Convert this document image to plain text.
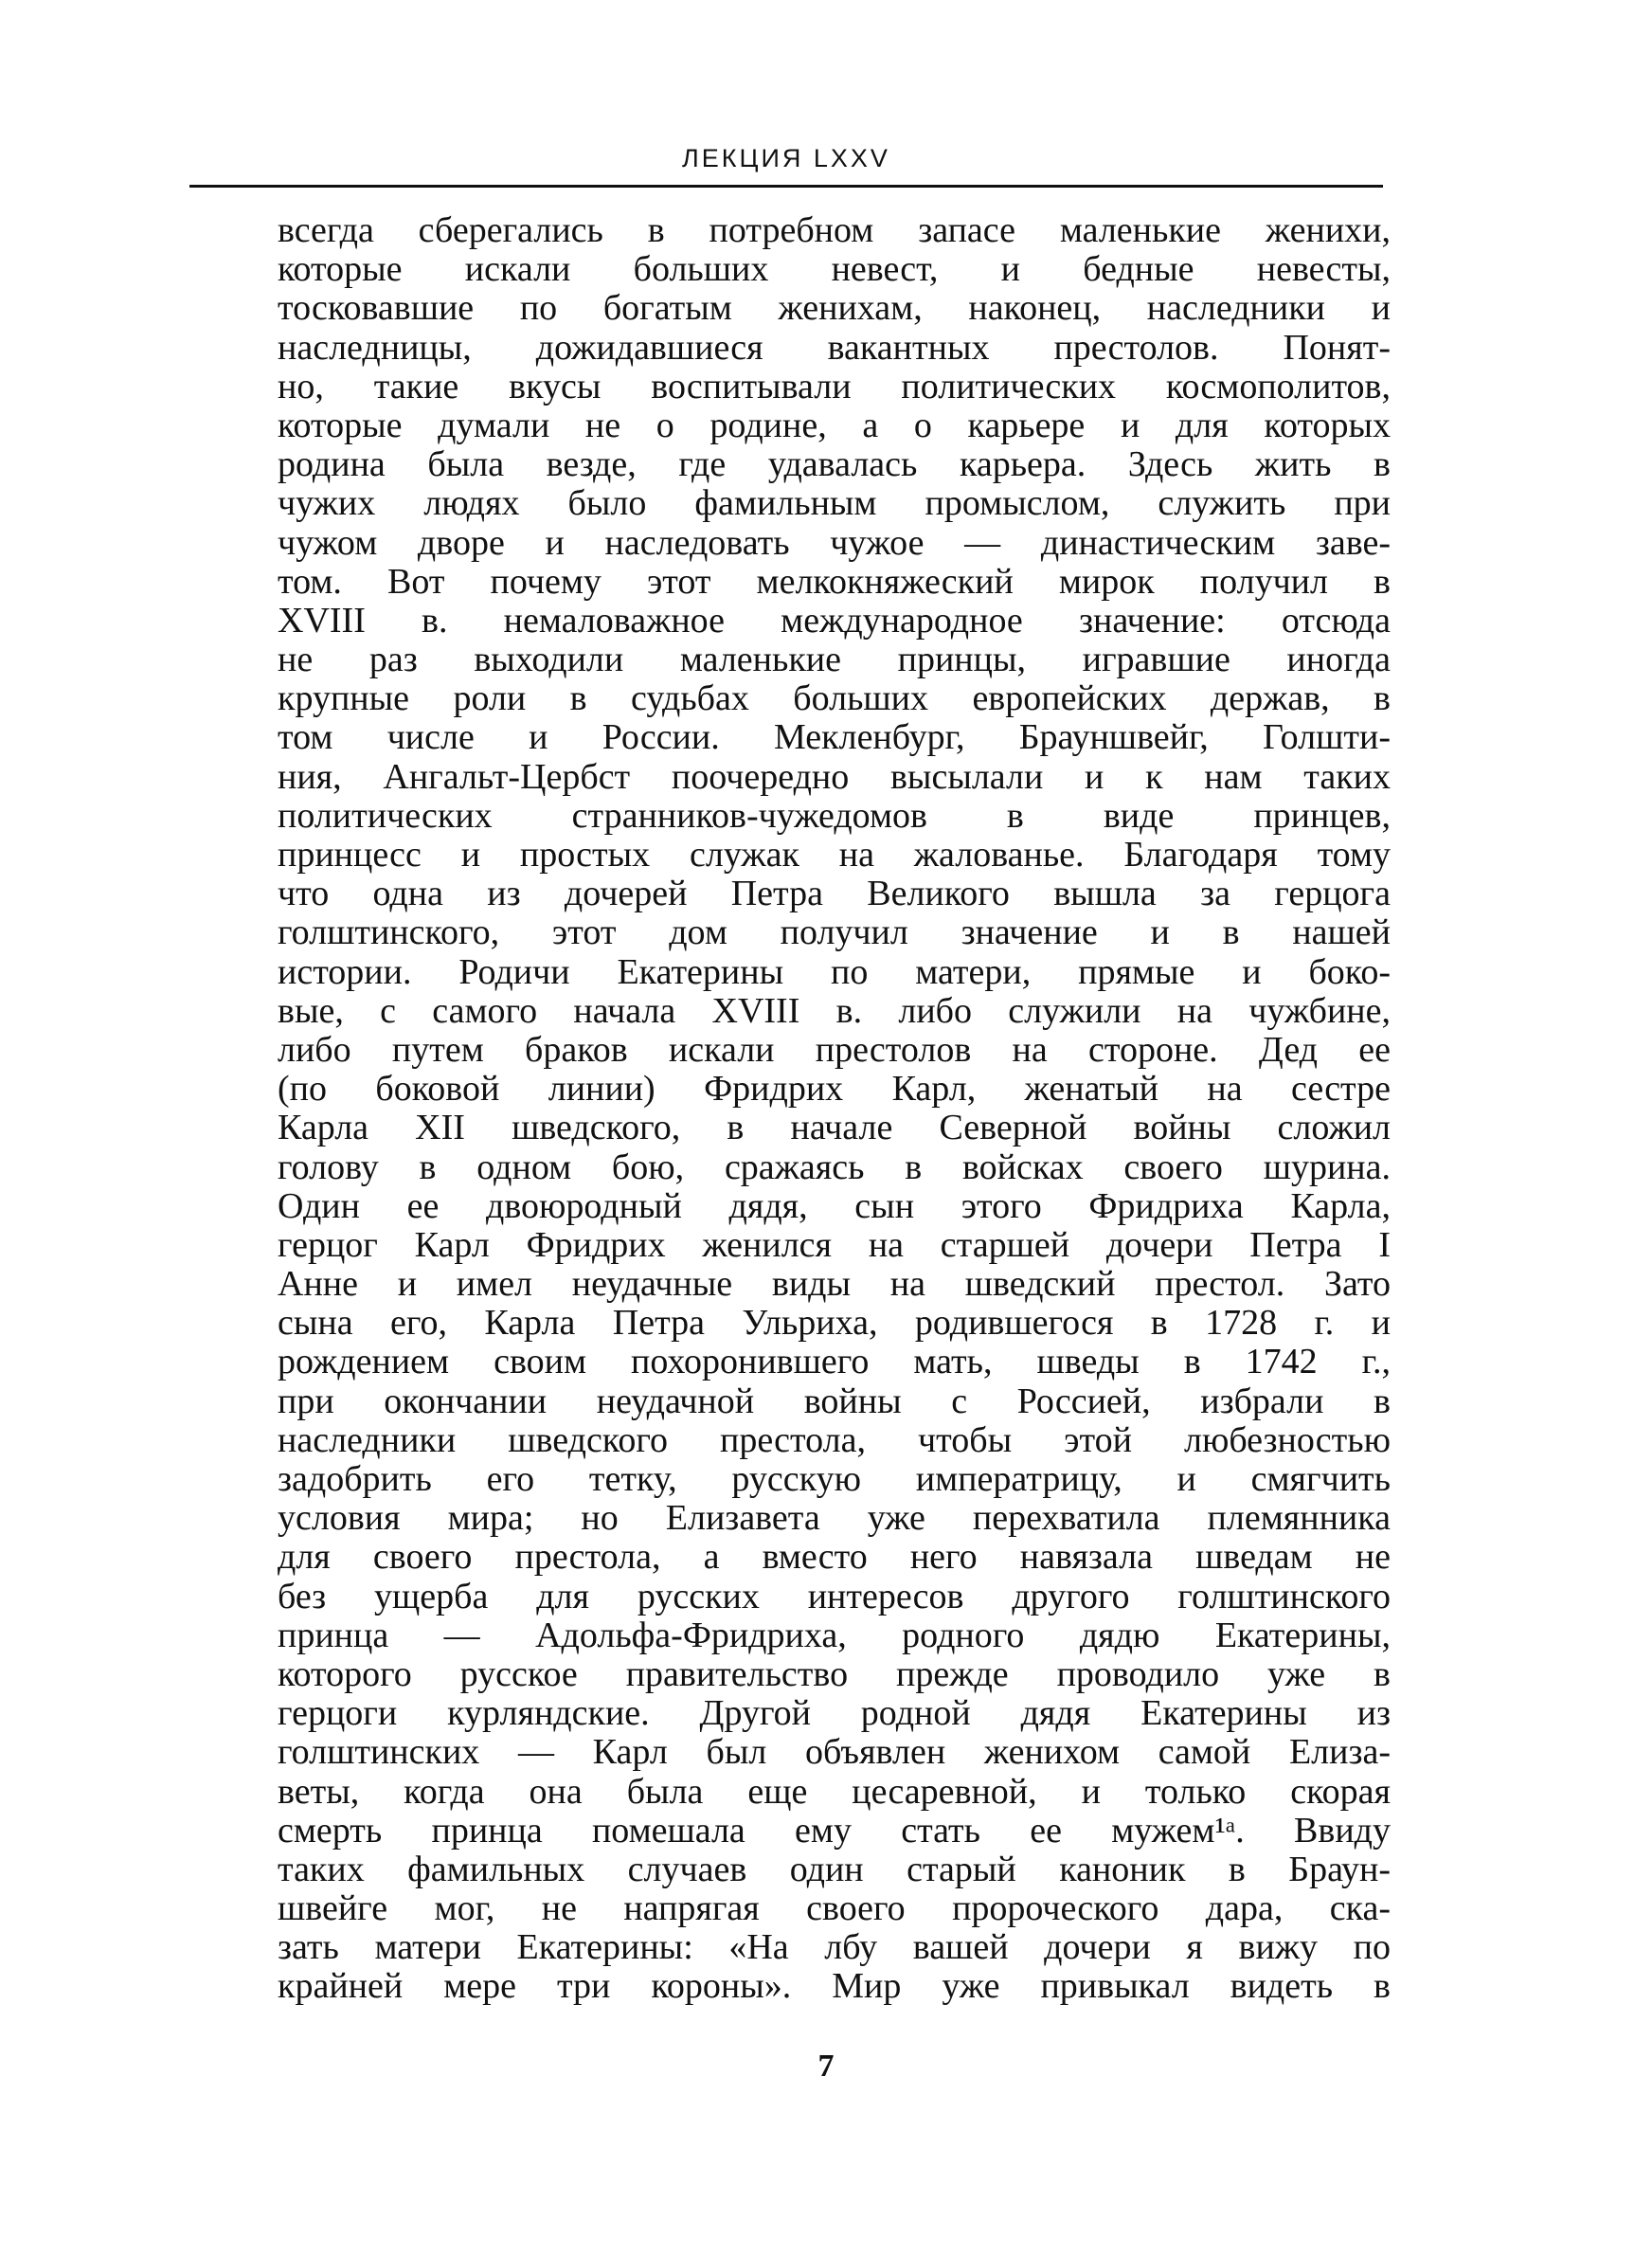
ЛЕКЦИЯ LXXV
всегда сберегались в потребном запасе маленькие женихи,
которые искали больших невест, и бедные невесты,
тосковавшие по богатым женихам, наконец, наследники и
наследницы, дожидавшиеся вакантных престолов. Понят-
но, такие вкусы воспитывали политических космополитов,
которые думали не о родине, а о карьере и для которых
родина была везде, где удавалась карьера. Здесь жить в
чужих людях было фамильным промыслом, служить при
чужом дворе и наследовать чужое — династическим заве-
том. Вот почему этот мелкокняжеский мирок получил в
XVIII в. немаловажное международное значение: отсюда
не раз выходили маленькие принцы, игравшие иногда
крупные роли в судьбах больших европейских держав, в
том числе и России. Мекленбург, Брауншвейг, Голшти-
ния, Ангальт-Цербст поочередно высылали и к нам таких
политических странников-чужедомов в виде принцев,
принцесс и простых служак на жалованье. Благодаря тому
что одна из дочерей Петра Великого вышла за герцога
голштинского, этот дом получил значение и в нашей
истории. Родичи Екатерины по матери, прямые и боко-
вые, с самого начала XVIII в. либо служили на чужбине,
либо путем браков искали престолов на стороне. Дед ее
(по боковой линии) Фридрих Карл, женатый на сестре
Карла XII шведского, в начале Северной войны сложил
голову в одном бою, сражаясь в войсках своего шурина.
Один ее двоюродный дядя, сын этого Фридриха Карла,
герцог Карл Фридрих женился на старшей дочери Петра I
Анне и имел неудачные виды на шведский престол. Зато
сына его, Карла Петра Ульриха, родившегося в 1728 г. и
рождением своим похоронившего мать, шведы в 1742 г.,
при окончании неудачной войны с Россией, избрали в
наследники шведского престола, чтобы этой любезностью
задобрить его тетку, русскую императрицу, и смягчить
условия мира; но Елизавета уже перехватила племянника
для своего престола, а вместо него навязала шведам не
без ущерба для русских интересов другого голштинского
принца — Адольфа-Фридриха, родного дядю Екатерины,
которого русское правительство прежде проводило уже в
герцоги курляндские. Другой родной дядя Екатерины из
голштинских — Карл был объявлен женихом самой Елиза-
веты, когда она была еще цесаревной, и только скорая
смерть принца помешала ему стать ее мужем¹ᵃ. Ввиду
таких фамильных случаев один старый каноник в Браун-
швейге мог, не напрягая своего пророческого дара, ска-
зать матери Екатерины: «На лбу вашей дочери я вижу по
крайней мере три короны». Мир уже привыкал видеть в
7
